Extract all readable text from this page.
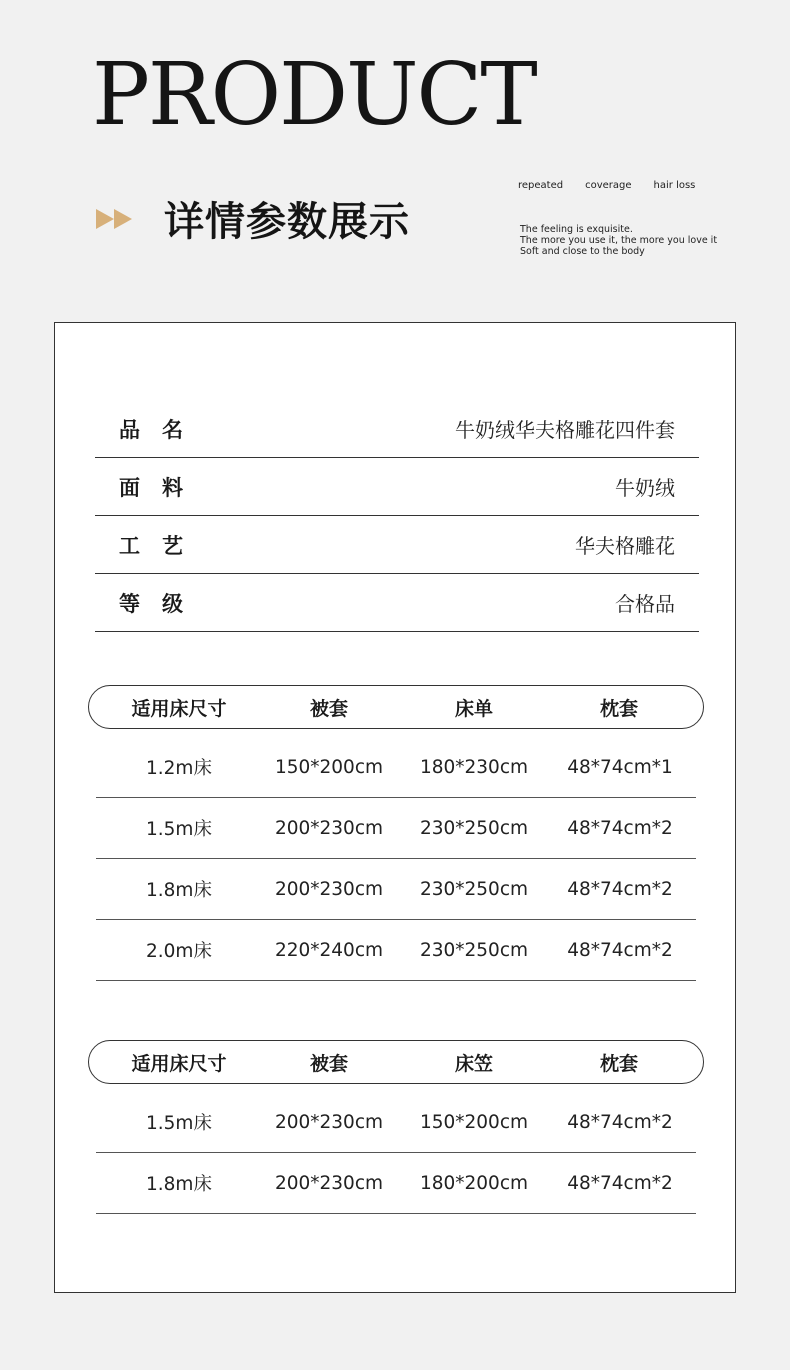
PRODUCT
详情参数展示
repeated coverage hair loss
The feeling is exquisite.
The more you use it, the more you love it
Soft and close to the body
品名	牛奶绒华夫格雕花四件套
面料	牛奶绒
工艺	华夫格雕花
等级	合格品
适用床尺寸	被套	床单	枕套
1.2m床	150*200cm	180*230cm	48*74cm*1
1.5m床	200*230cm	230*250cm	48*74cm*2
1.8m床	200*230cm	230*250cm	48*74cm*2
2.0m床	220*240cm	230*250cm	48*74cm*2
适用床尺寸	被套	床笠	枕套
1.5m床	200*230cm	150*200cm	48*74cm*2
1.8m床	200*230cm	180*200cm	48*74cm*2
